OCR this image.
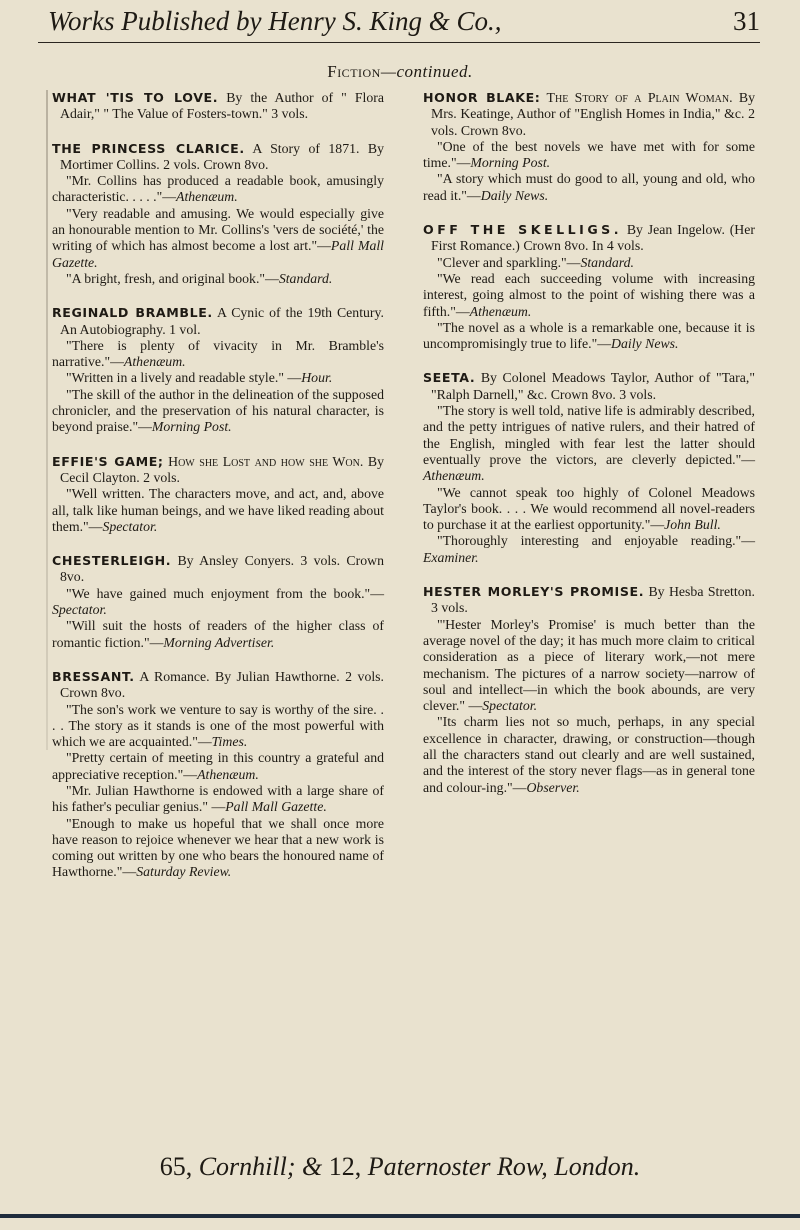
Works Published by Henry S. King & Co.,	31
Fiction—continued.

WHAT 'TIS TO LOVE. By the Author of " Flora Adair," " The Value of Fosters-town." 3 vols.

THE PRINCESS CLARICE. A Story of 1871. By Mortimer Collins. 2 vols. Crown 8vo.

"Mr. Collins has produced a readable book, amusingly characteristic. . . . ."—Athenæum.

"Very readable and amusing. We would especially give an honourable mention to Mr. Collins's 'vers de société,' the writing of which has almost become a lost art."—Pall Mall Gazette.

"A bright, fresh, and original book."—Standard.

REGINALD BRAMBLE. A Cynic of the 19th Century. An Autobiography. 1 vol.

"There is plenty of vivacity in Mr. Bramble's narrative."—Athenæum.

"Written in a lively and readable style." —Hour.

"The skill of the author in the delineation of the supposed chronicler, and the preservation of his natural character, is beyond praise."—Morning Post.

EFFIE'S GAME; How she Lost and how she Won. By Cecil Clayton. 2 vols.

"Well written. The characters move, and act, and, above all, talk like human beings, and we have liked reading about them."—Spectator.

CHESTERLEIGH. By Ansley Conyers. 3 vols. Crown 8vo.

"We have gained much enjoyment from the book."—Spectator.

"Will suit the hosts of readers of the higher class of romantic fiction."—Morning Advertiser.

BRESSANT. A Romance. By Julian Hawthorne. 2 vols. Crown 8vo.

"The son's work we venture to say is worthy of the sire. . . . The story as it stands is one of the most powerful with which we are acquainted."—Times.

"Pretty certain of meeting in this country a grateful and appreciative reception."—Athenæum.

"Mr. Julian Hawthorne is endowed with a large share of his father's peculiar genius." —Pall Mall Gazette.

"Enough to make us hopeful that we shall once more have reason to rejoice whenever we hear that a new work is coming out written by one who bears the honoured name of Hawthorne."—Saturday Review.

HONOR BLAKE: The Story of a Plain Woman. By Mrs. Keatinge, Author of "English Homes in India," &c. 2 vols. Crown 8vo.

"One of the best novels we have met with for some time."—Morning Post.

"A story which must do good to all, young and old, who read it."—Daily News.

OFF THE SKELLIGS. By Jean Ingelow. (Her First Romance.) Crown 8vo. In 4 vols.

"Clever and sparkling."—Standard.

"We read each succeeding volume with increasing interest, going almost to the point of wishing there was a fifth."—Athenæum.

"The novel as a whole is a remarkable one, because it is uncompromisingly true to life."—Daily News.

SEETA. By Colonel Meadows Taylor, Author of "Tara," "Ralph Darnell," &c. Crown 8vo. 3 vols.

"The story is well told, native life is admirably described, and the petty intrigues of native rulers, and their hatred of the English, mingled with fear lest the latter should eventually prove the victors, are cleverly depicted."—Athenæum.

"We cannot speak too highly of Colonel Meadows Taylor's book. . . . We would recommend all novel-readers to purchase it at the earliest opportunity."—John Bull.

"Thoroughly interesting and enjoyable reading."—Examiner.

HESTER MORLEY'S PROMISE. By Hesba Stretton. 3 vols.

"'Hester Morley's Promise' is much better than the average novel of the day; it has much more claim to critical consideration as a piece of literary work,—not mere mechanism. The pictures of a narrow society—narrow of soul and intellect—in which the book abounds, are very clever." —Spectator.

"Its charm lies not so much, perhaps, in any special excellence in character, drawing, or construction—though all the characters stand out clearly and are well sustained, and the interest of the story never flags—as in general tone and colour-ing."—Observer.

65, Cornhill; & 12, Paternoster Row, London.
